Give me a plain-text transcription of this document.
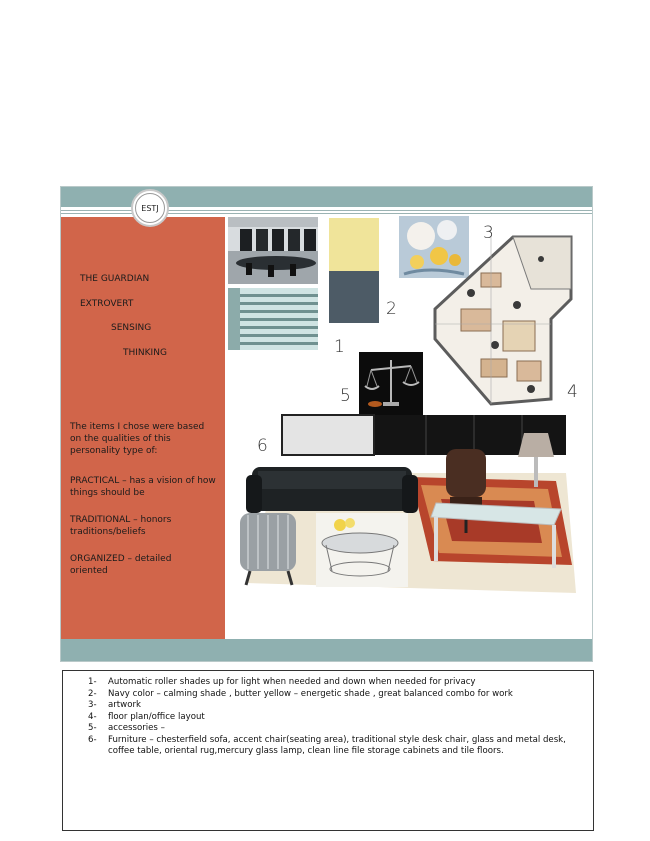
THE GUARDIAN
EXTROVERT
SENSING
THINKING
The items I chose were based on the qualities of this personality type of:
PRACTICAL – has a vision of how things should be
TRADITIONAL – honors traditions/beliefs
ORGANIZED – detailed oriented
ESTJ
1
2
3
4
5
6
1- Automatic roller shades up for light when needed and down when needed for privacy
2- Navy color – calming shade , butter yellow – energetic shade , great balanced combo for work
3- artwork
4- floor plan/office layout
5- accessories –
6- Furniture – chesterfield sofa, accent chair(seating area), traditional style desk chair, glass and metal desk, coffee table, oriental rug,mercury glass lamp, clean line file storage cabinets and tile floors.
